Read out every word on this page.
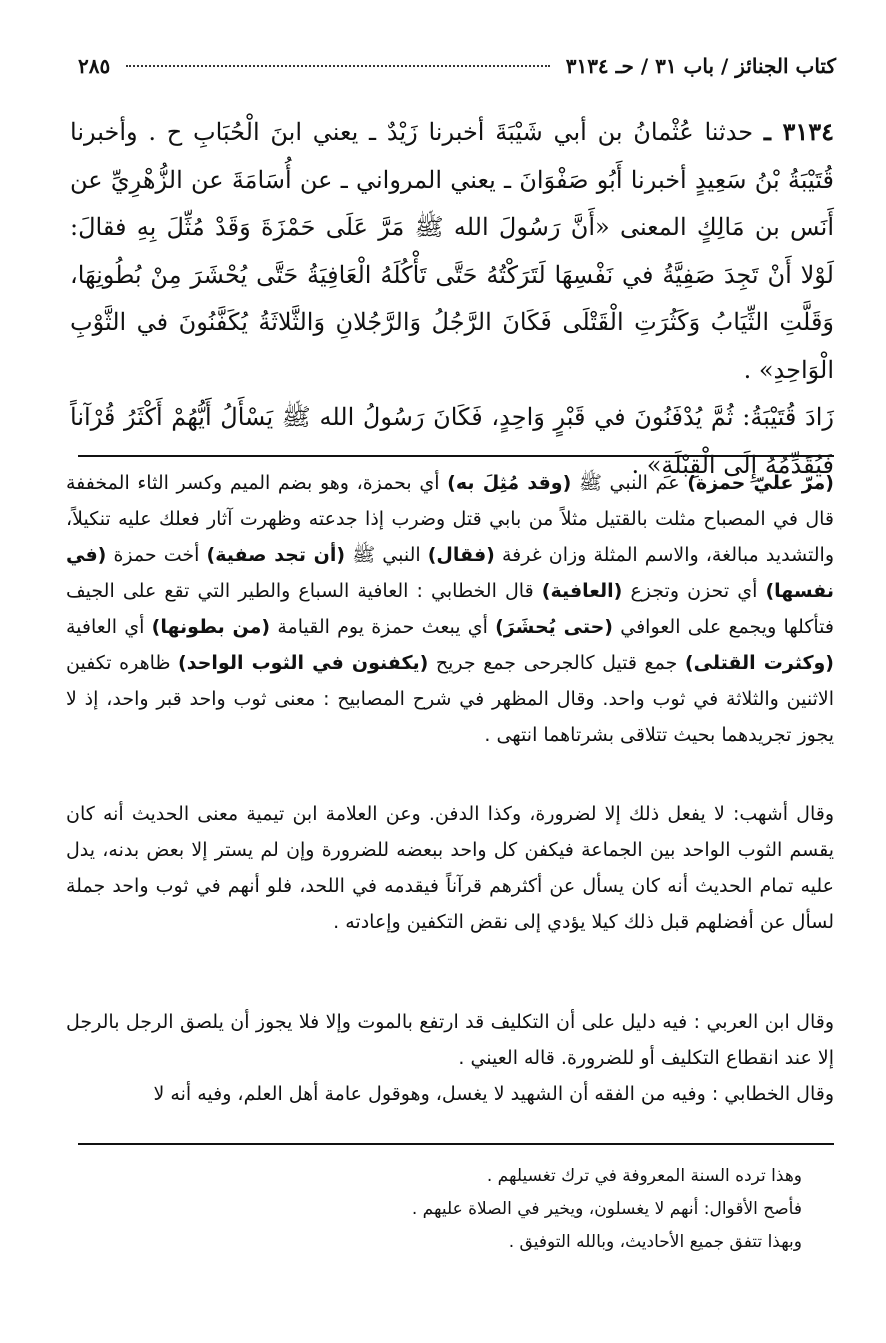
كتاب الجنائز / باب ٣١ / حـ ٣١٣٤
٢٨٥
٣١٣٤ ـ حدثنا عُثْمانُ بن أبي شَيْبَةَ أخبرنا زَيْدٌ ـ يعني ابنَ الْحُبَابِ ح . وأخبرنا قُتَيْبَةُ بْنُ سَعِيدٍ أخبرنا أَبُو صَفْوَانَ ـ يعني المرواني ـ عن أُسَامَةَ عن الزُّهْرِيِّ عن أَنَس بن مَالِكٍ المعنى «أَنَّ رَسُولَ الله ﷺ مَرَّ عَلَى حَمْزَةَ وَقَدْ مُثِّلَ بِهِ فقالَ: لَوْلا أَنْ تَجِدَ صَفِيَّةُ في نَفْسِهَا لَتَرَكْتُهُ حَتَّى تَأْكُلَهُ الْعَافِيَةُ حَتَّى يُحْشَرَ مِنْ بُطُونِهَا، وَقَلَّتِ الثِّيَابُ وَكَثُرَتِ الْقَتْلَى فَكَانَ الرَّجُلُ وَالرَّجُلانِ وَالثَّلاثَةُ يُكَفَّنُونَ في الثَّوْبِ الْوَاحِدِ» .
زَادَ قُتَيْبَةُ: ثُمَّ يُدْفَنُونَ في قَبْرٍ وَاحِدٍ، فَكَانَ رَسُولُ الله ﷺ يَسْأَلُ أَيُّهُمْ أَكْثَرُ قُرْآناً فَيُقَدِّمُهُ إِلَى الْقِبْلَةِ» .
(مرّ عليّ حمزة) عم النبي ﷺ (وقد مُثِلَ به) أي بحمزة، وهو بضم الميم وكسر الثاء المخففة قال في المصباح مثلت بالقتيل مثلاً من بابي قتل وضرب إذا جدعته وظهرت آثار فعلك عليه تنكيلاً، والتشديد مبالغة، والاسم المثلة وزان غرفة (فقال) النبي ﷺ (أن تجد صفية) أخت حمزة (في نفسها) أي تحزن وتجزع (العافية) قال الخطابي : العافية السباع والطير التي تقع على الجيف فتأكلها ويجمع على العوافي (حتى يُحشَرَ) أي يبعث حمزة يوم القيامة (من بطونها) أي العافية (وكثرت القتلى) جمع قتيل كالجرحى جمع جريح (يكفنون في الثوب الواحد) ظاهره تكفين الاثنين والثلاثة في ثوب واحد. وقال المظهر في شرح المصابيح : معنى ثوب واحد قبر واحد، إذ لا يجوز تجريدهما بحيث تتلاقى بشرتاهما انتهى .
وقال أشهب: لا يفعل ذلك إلا لضرورة، وكذا الدفن. وعن العلامة ابن تيمية معنى الحديث أنه كان يقسم الثوب الواحد بين الجماعة فيكفن كل واحد ببعضه للضرورة وإن لم يستر إلا بعض بدنه، يدل عليه تمام الحديث أنه كان يسأل عن أكثرهم قرآناً فيقدمه في اللحد، فلو أنهم في ثوب واحد جملة لسأل عن أفضلهم قبل ذلك كيلا يؤدي إلى نقض التكفين وإعادته .
وقال ابن العربي : فيه دليل على أن التكليف قد ارتفع بالموت وإلا فلا يجوز أن يلصق الرجل بالرجل إلا عند انقطاع التكليف أو للضرورة. قاله العيني .
وقال الخطابي : وفيه من الفقه أن الشهيد لا يغسل، وهوقول عامة أهل العلم، وفيه أنه لا
وهذا ترده السنة المعروفة في ترك تغسيلهم .
فأصح الأقوال: أنهم لا يغسلون، ويخير في الصلاة عليهم .
وبهذا تتفق جميع الأحاديث، وبالله التوفيق .
